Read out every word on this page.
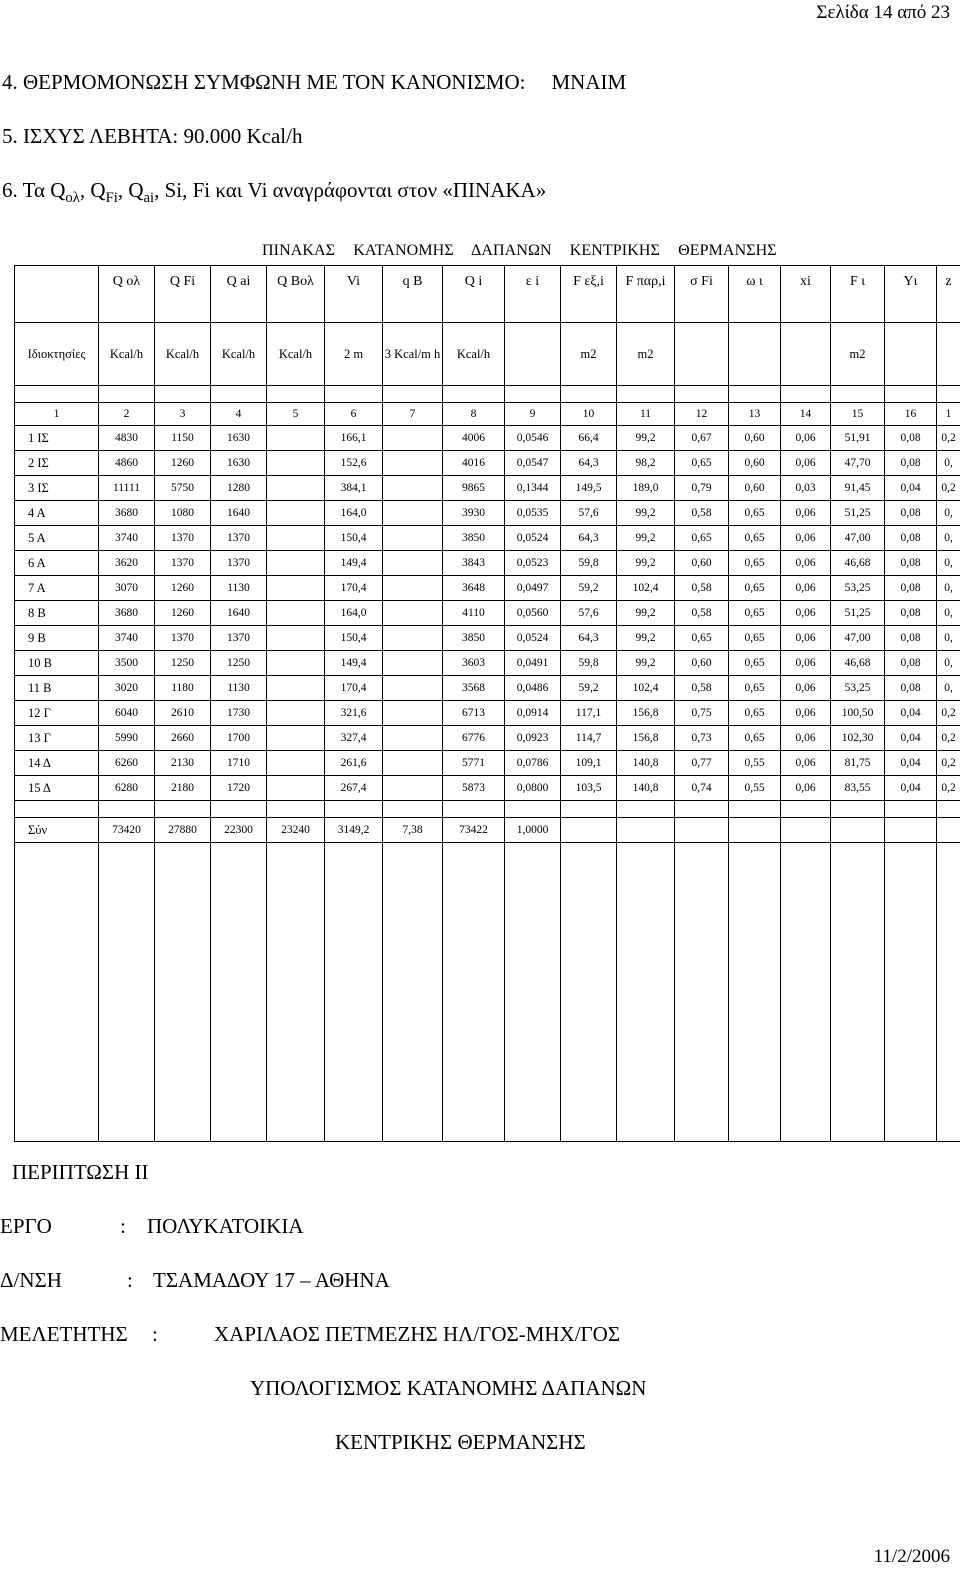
Σελίδα 14 από 23
4. ΘΕΡΜΟΜΟΝΩΣΗ ΣΥΜΦΩΝΗ ΜΕ ΤΟΝ ΚΑΝΟΝΙΣΜΟ: ΜΝΑΙΜ
5. ΙΣΧΥΣ ΛΕΒΗΤΑ: 90.000 Kcal/h
6. Τα $Q_{o\lambda}$, $Q_{Fi}$, $Q_{ai}$, Si, Fi και Vi αναγράφονται στον «ΠΙΝΑΚΑ»
ΠΙΝΑΚΑΣ ΚΑΤΑΝΟΜΗΣ ΔΑΠΑΝΩΝ ΚΕΝΤΡΙΚΗΣ ΘΕΡΜΑΝΣΗΣ
	Q ολ	Q Fi	Q ai	Q Bολ	Vi	q B	Q i	ε i	F εξ,i	F παρ,i	σ Fi	ω ι	xi	F ι	Yι	z
Ιδιοκτησίες	Kcal/h	Kcal/h	Kcal/h	Kcal/h	2 m	3 Kcal/m h	Kcal/h		m2	m2				m2		

1	2	3	4	5	6	7	8	9	10	11	12	13	14	15	16	1
1 ΙΣ	4830	1150	1630		166,1		4006	0,0546	66,4	99,2	0,67	0,60	0,06	51,91	0,08	0,2
2 ΙΣ	4860	1260	1630		152,6		4016	0,0547	64,3	98,2	0,65	0,60	0,06	47,70	0,08	0,
3 ΙΣ	11111	5750	1280		384,1		9865	0,1344	149,5	189,0	0,79	0,60	0,03	91,45	0,04	0,2
4 Α	3680	1080	1640		164,0		3930	0,0535	57,6	99,2	0,58	0,65	0,06	51,25	0,08	0,
5 Α	3740	1370	1370		150,4		3850	0,0524	64,3	99,2	0,65	0,65	0,06	47,00	0,08	0,
6 Α	3620	1370	1370		149,4		3843	0,0523	59,8	99,2	0,60	0,65	0,06	46,68	0,08	0,
7 Α	3070	1260	1130		170,4		3648	0,0497	59,2	102,4	0,58	0,65	0,06	53,25	0,08	0,
8 Β	3680	1260	1640		164,0		4110	0,0560	57,6	99,2	0,58	0,65	0,06	51,25	0,08	0,
9 Β	3740	1370	1370		150,4		3850	0,0524	64,3	99,2	0,65	0,65	0,06	47,00	0,08	0,
10 Β	3500	1250	1250		149,4		3603	0,0491	59,8	99,2	0,60	0,65	0,06	46,68	0,08	0,
11 Β	3020	1180	1130		170,4		3568	0,0486	59,2	102,4	0,58	0,65	0,06	53,25	0,08	0,
12 Γ	6040	2610	1730		321,6		6713	0,0914	117,1	156,8	0,75	0,65	0,06	100,50	0,04	0,2
13 Γ	5990	2660	1700		327,4		6776	0,0923	114,7	156,8	0,73	0,65	0,06	102,30	0,04	0,2
14 Δ	6260	2130	1710		261,6		5771	0,0786	109,1	140,8	0,77	0,55	0,06	81,75	0,04	0,2
15 Δ	6280	2180	1720		267,4		5873	0,0800	103,5	140,8	0,74	0,55	0,06	83,55	0,04	0,2

Σύν	73420	27880	22300	23240	3149,2	7,38	73422	1,0000								

ΠΕΡΙΠΤΩΣΗ ΙΙ
ΕΡΓΟ	: ΠΟΛΥΚΑΤΟΙΚΙΑ
Δ/ΝΣΗ	: ΤΣΑΜΑΔΟΥ 17 – ΑΘΗΝΑ
ΜΕΛΕΤΗΤΗΣ :	ΧΑΡΙΛΑΟΣ ΠΕΤΜΕΖΗΣ ΗΛ/ΓΟΣ-ΜΗΧ/ΓΟΣ
ΥΠΟΛΟΓΙΣΜΟΣ ΚΑΤΑΝΟΜΗΣ ΔΑΠΑΝΩΝ
ΚΕΝΤΡΙΚΗΣ ΘΕΡΜΑΝΣΗΣ
11/2/2006
